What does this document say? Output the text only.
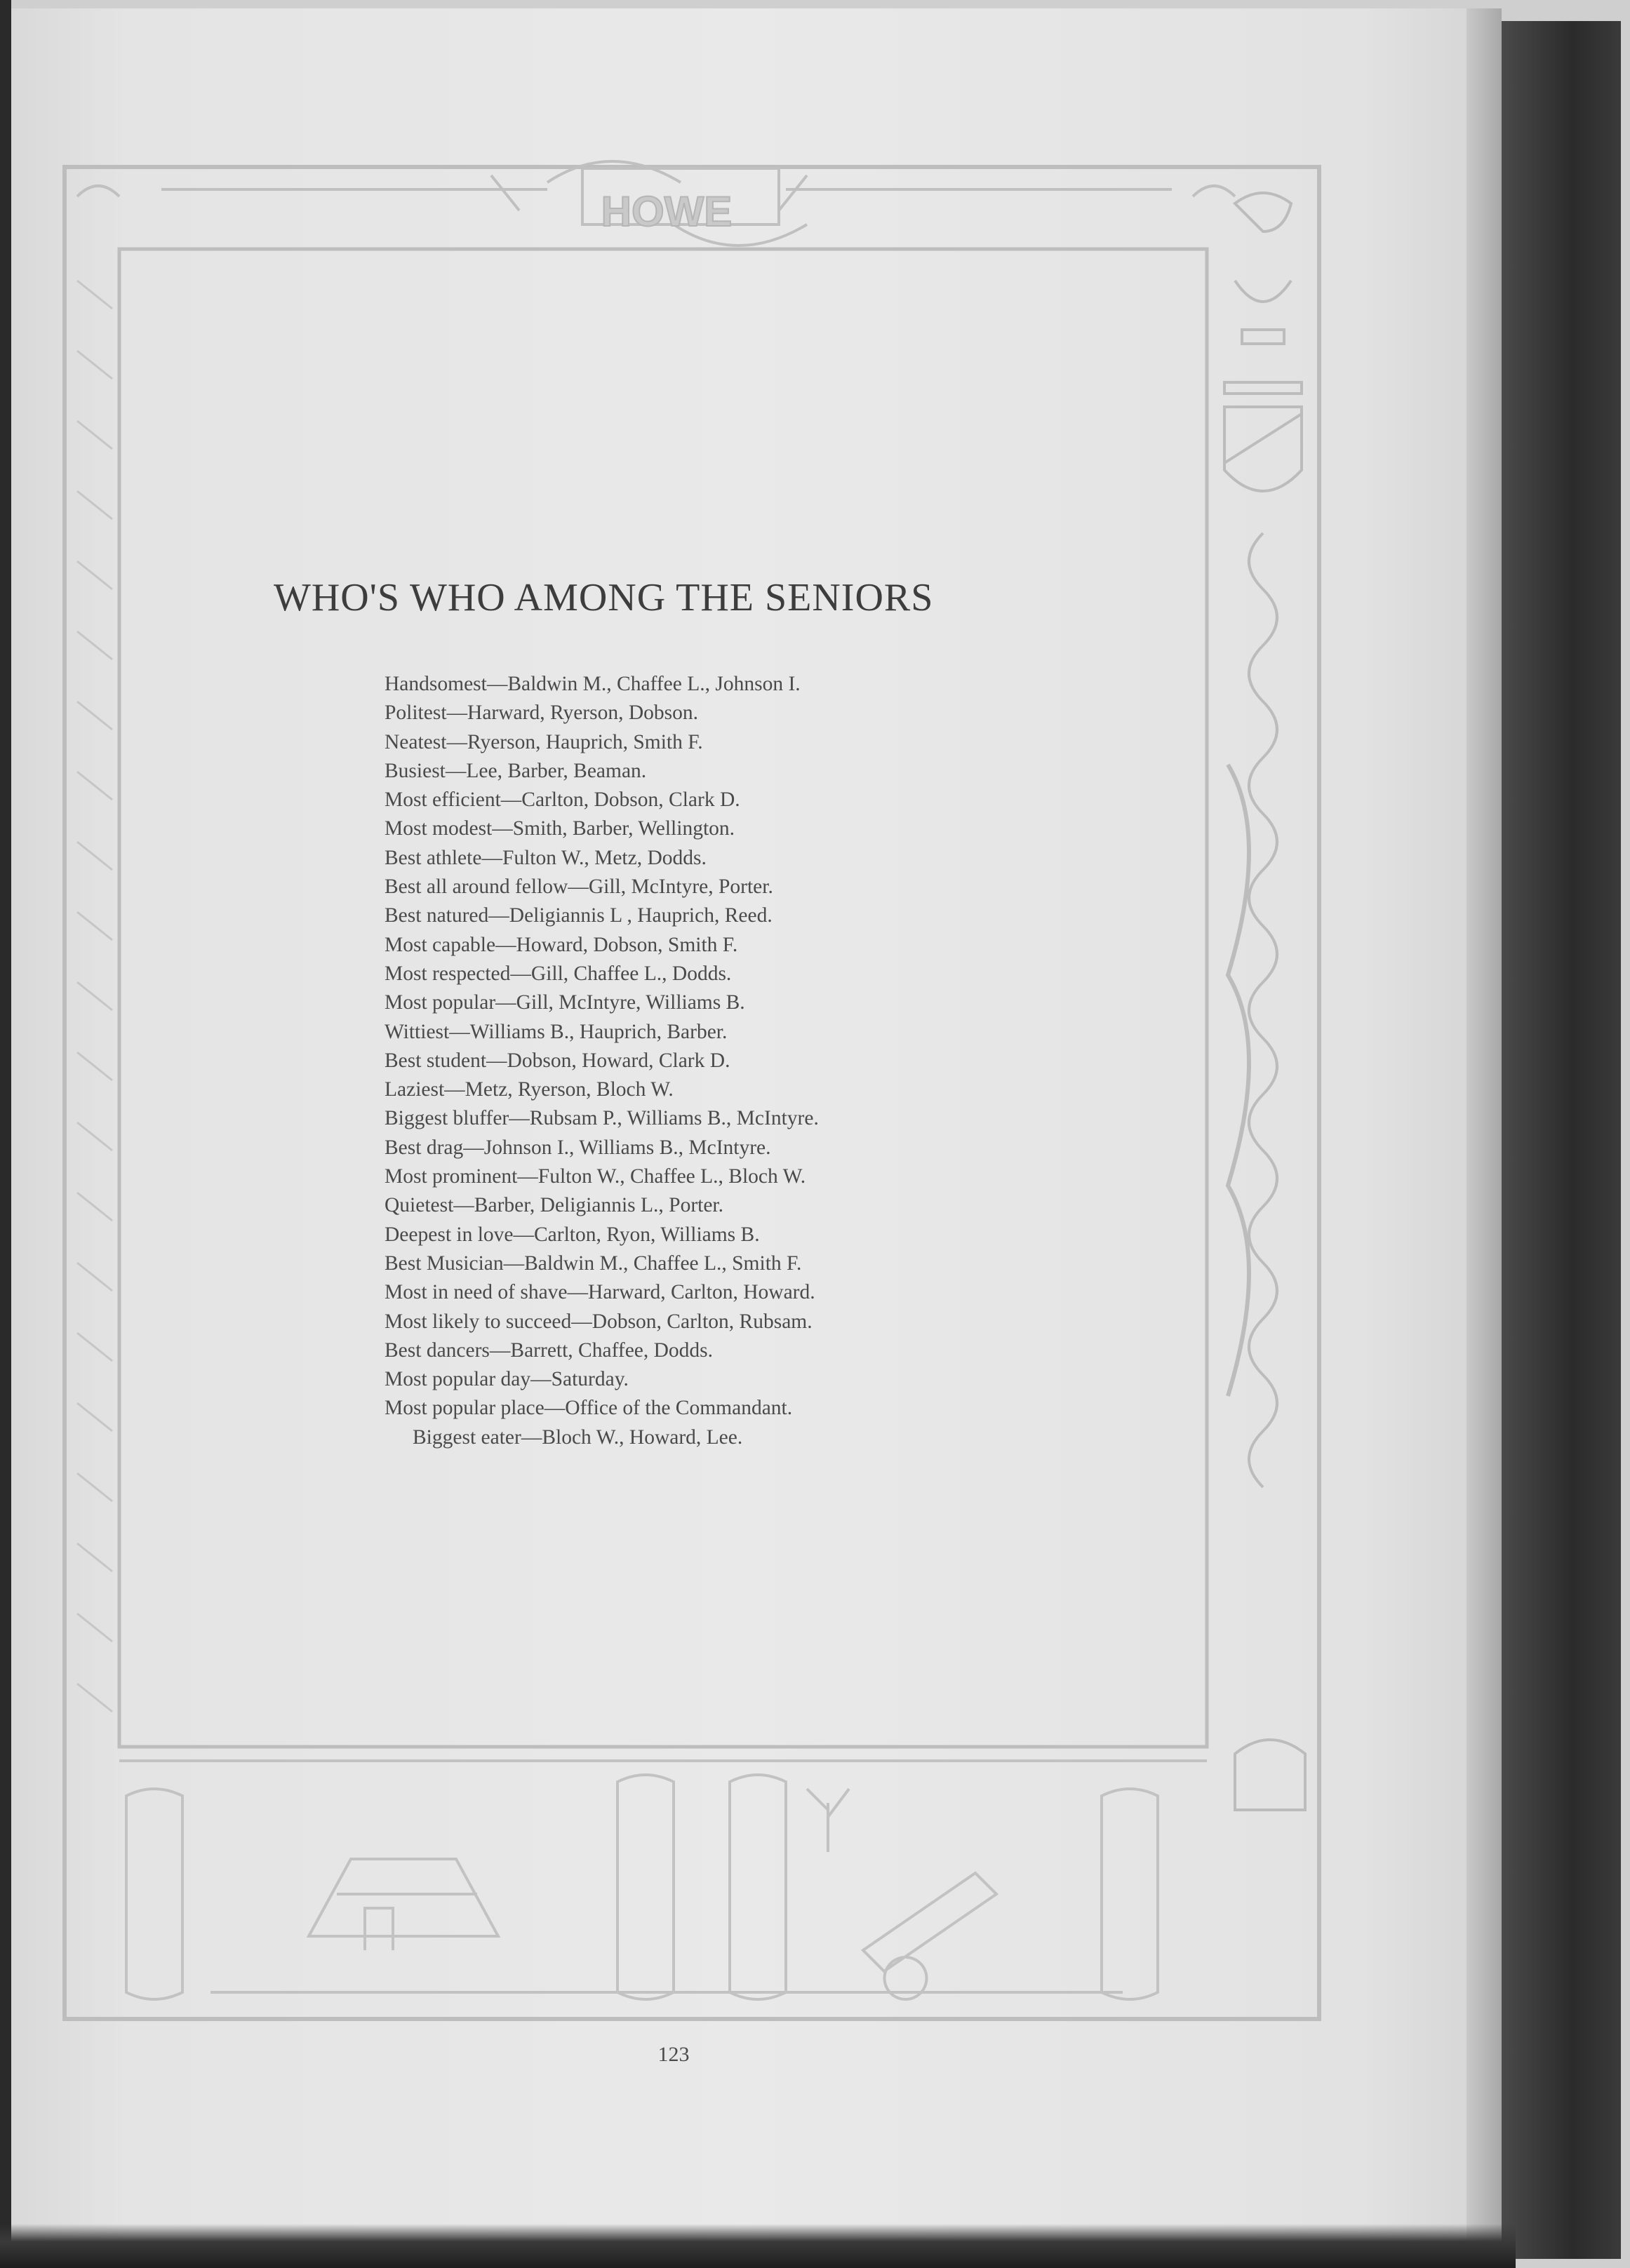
HOWE
WHO'S WHO AMONG THE SENIORS
Handsomest—Baldwin M., Chaffee L., Johnson I.
Politest—Harward, Ryerson, Dobson.
Neatest—Ryerson, Hauprich, Smith F.
Busiest—Lee, Barber, Beaman.
Most efficient—Carlton, Dobson, Clark D.
Most modest—Smith, Barber, Wellington.
Best athlete—Fulton W., Metz, Dodds.
Best all around fellow—Gill, McIntyre, Porter.
Best natured—Deligiannis L , Hauprich, Reed.
Most capable—Howard, Dobson, Smith F.
Most respected—Gill, Chaffee L., Dodds.
Most popular—Gill, McIntyre, Williams B.
Wittiest—Williams B., Hauprich, Barber.
Best student—Dobson, Howard, Clark D.
Laziest—Metz, Ryerson, Bloch W.
Biggest bluffer—Rubsam P., Williams B., McIntyre.
Best drag—Johnson I., Williams B., McIntyre.
Most prominent—Fulton W., Chaffee L., Bloch W.
Quietest—Barber, Deligiannis L., Porter.
Deepest in love—Carlton, Ryon, Williams B.
Best Musician—Baldwin M., Chaffee L., Smith F.
Most in need of shave—Harward, Carlton, Howard.
Most likely to succeed—Dobson, Carlton, Rubsam.
Best dancers—Barrett, Chaffee, Dodds.
Most popular day—Saturday.
Most popular place—Office of the Commandant.
Biggest eater—Bloch W., Howard, Lee.
123
